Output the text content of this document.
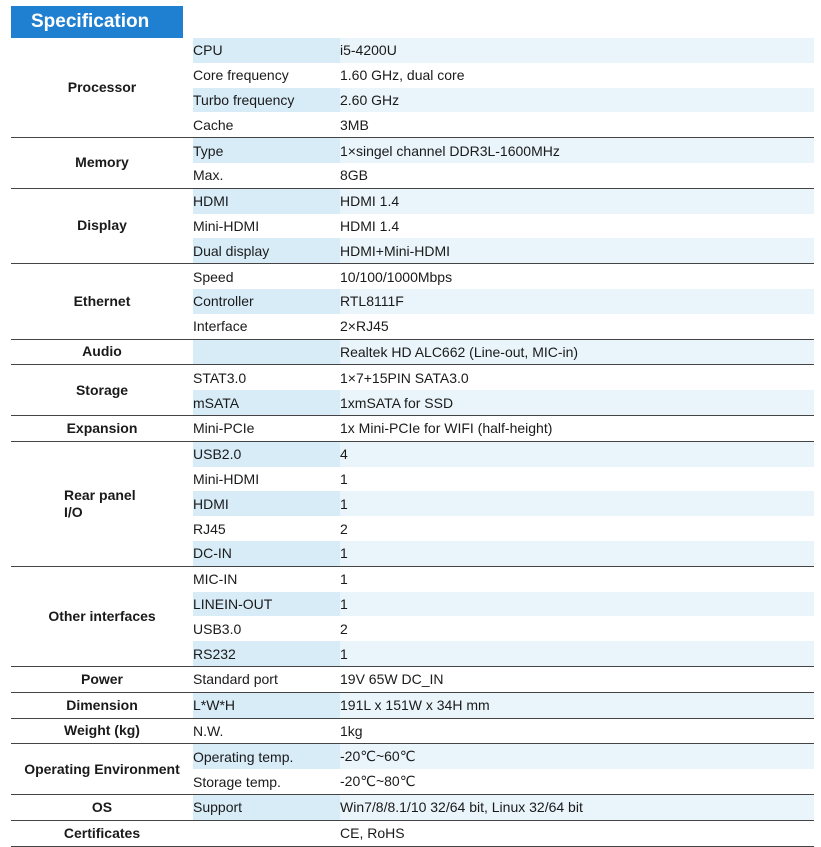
Specification
Processor	CPU	i5-4200U
	Core frequency	1.60 GHz, dual core
	Turbo frequency	2.60 GHz
	Cache	3MB
Memory	Type	1×singel channel DDR3L-1600MHz
	Max.	8GB
Display	HDMI	HDMI 1.4
	Mini-HDMI	HDMI 1.4
	Dual display	HDMI+Mini-HDMI
Ethernet	Speed	10/100/1000Mbps
	Controller	RTL8111F
	Interface	2×RJ45
Audio		Realtek HD ALC662 (Line-out, MIC-in)
Storage	STAT3.0	1×7+15PIN SATA3.0
	mSATA	1xmSATA for SSD
Expansion	Mini-PCIe	1x Mini-PCIe for WIFI (half-height)
Rear panel
I/O	USB2.0	4
	Mini-HDMI	1
	HDMI	1
	RJ45	2
	DC-IN	1
Other interfaces	MIC-IN	1
	LINEIN-OUT	1
	USB3.0	2
	RS232	1
Power	Standard port	19V 65W DC_IN
Dimension	L*W*H	191L x 151W x 34H mm
Weight (kg)	N.W.	1kg
Operating Environment	Operating temp.	-20℃~60℃
	Storage temp.	-20℃~80℃
OS	Support	Win7/8/8.1/10 32/64 bit, Linux 32/64 bit
Certificates		CE, RoHS
